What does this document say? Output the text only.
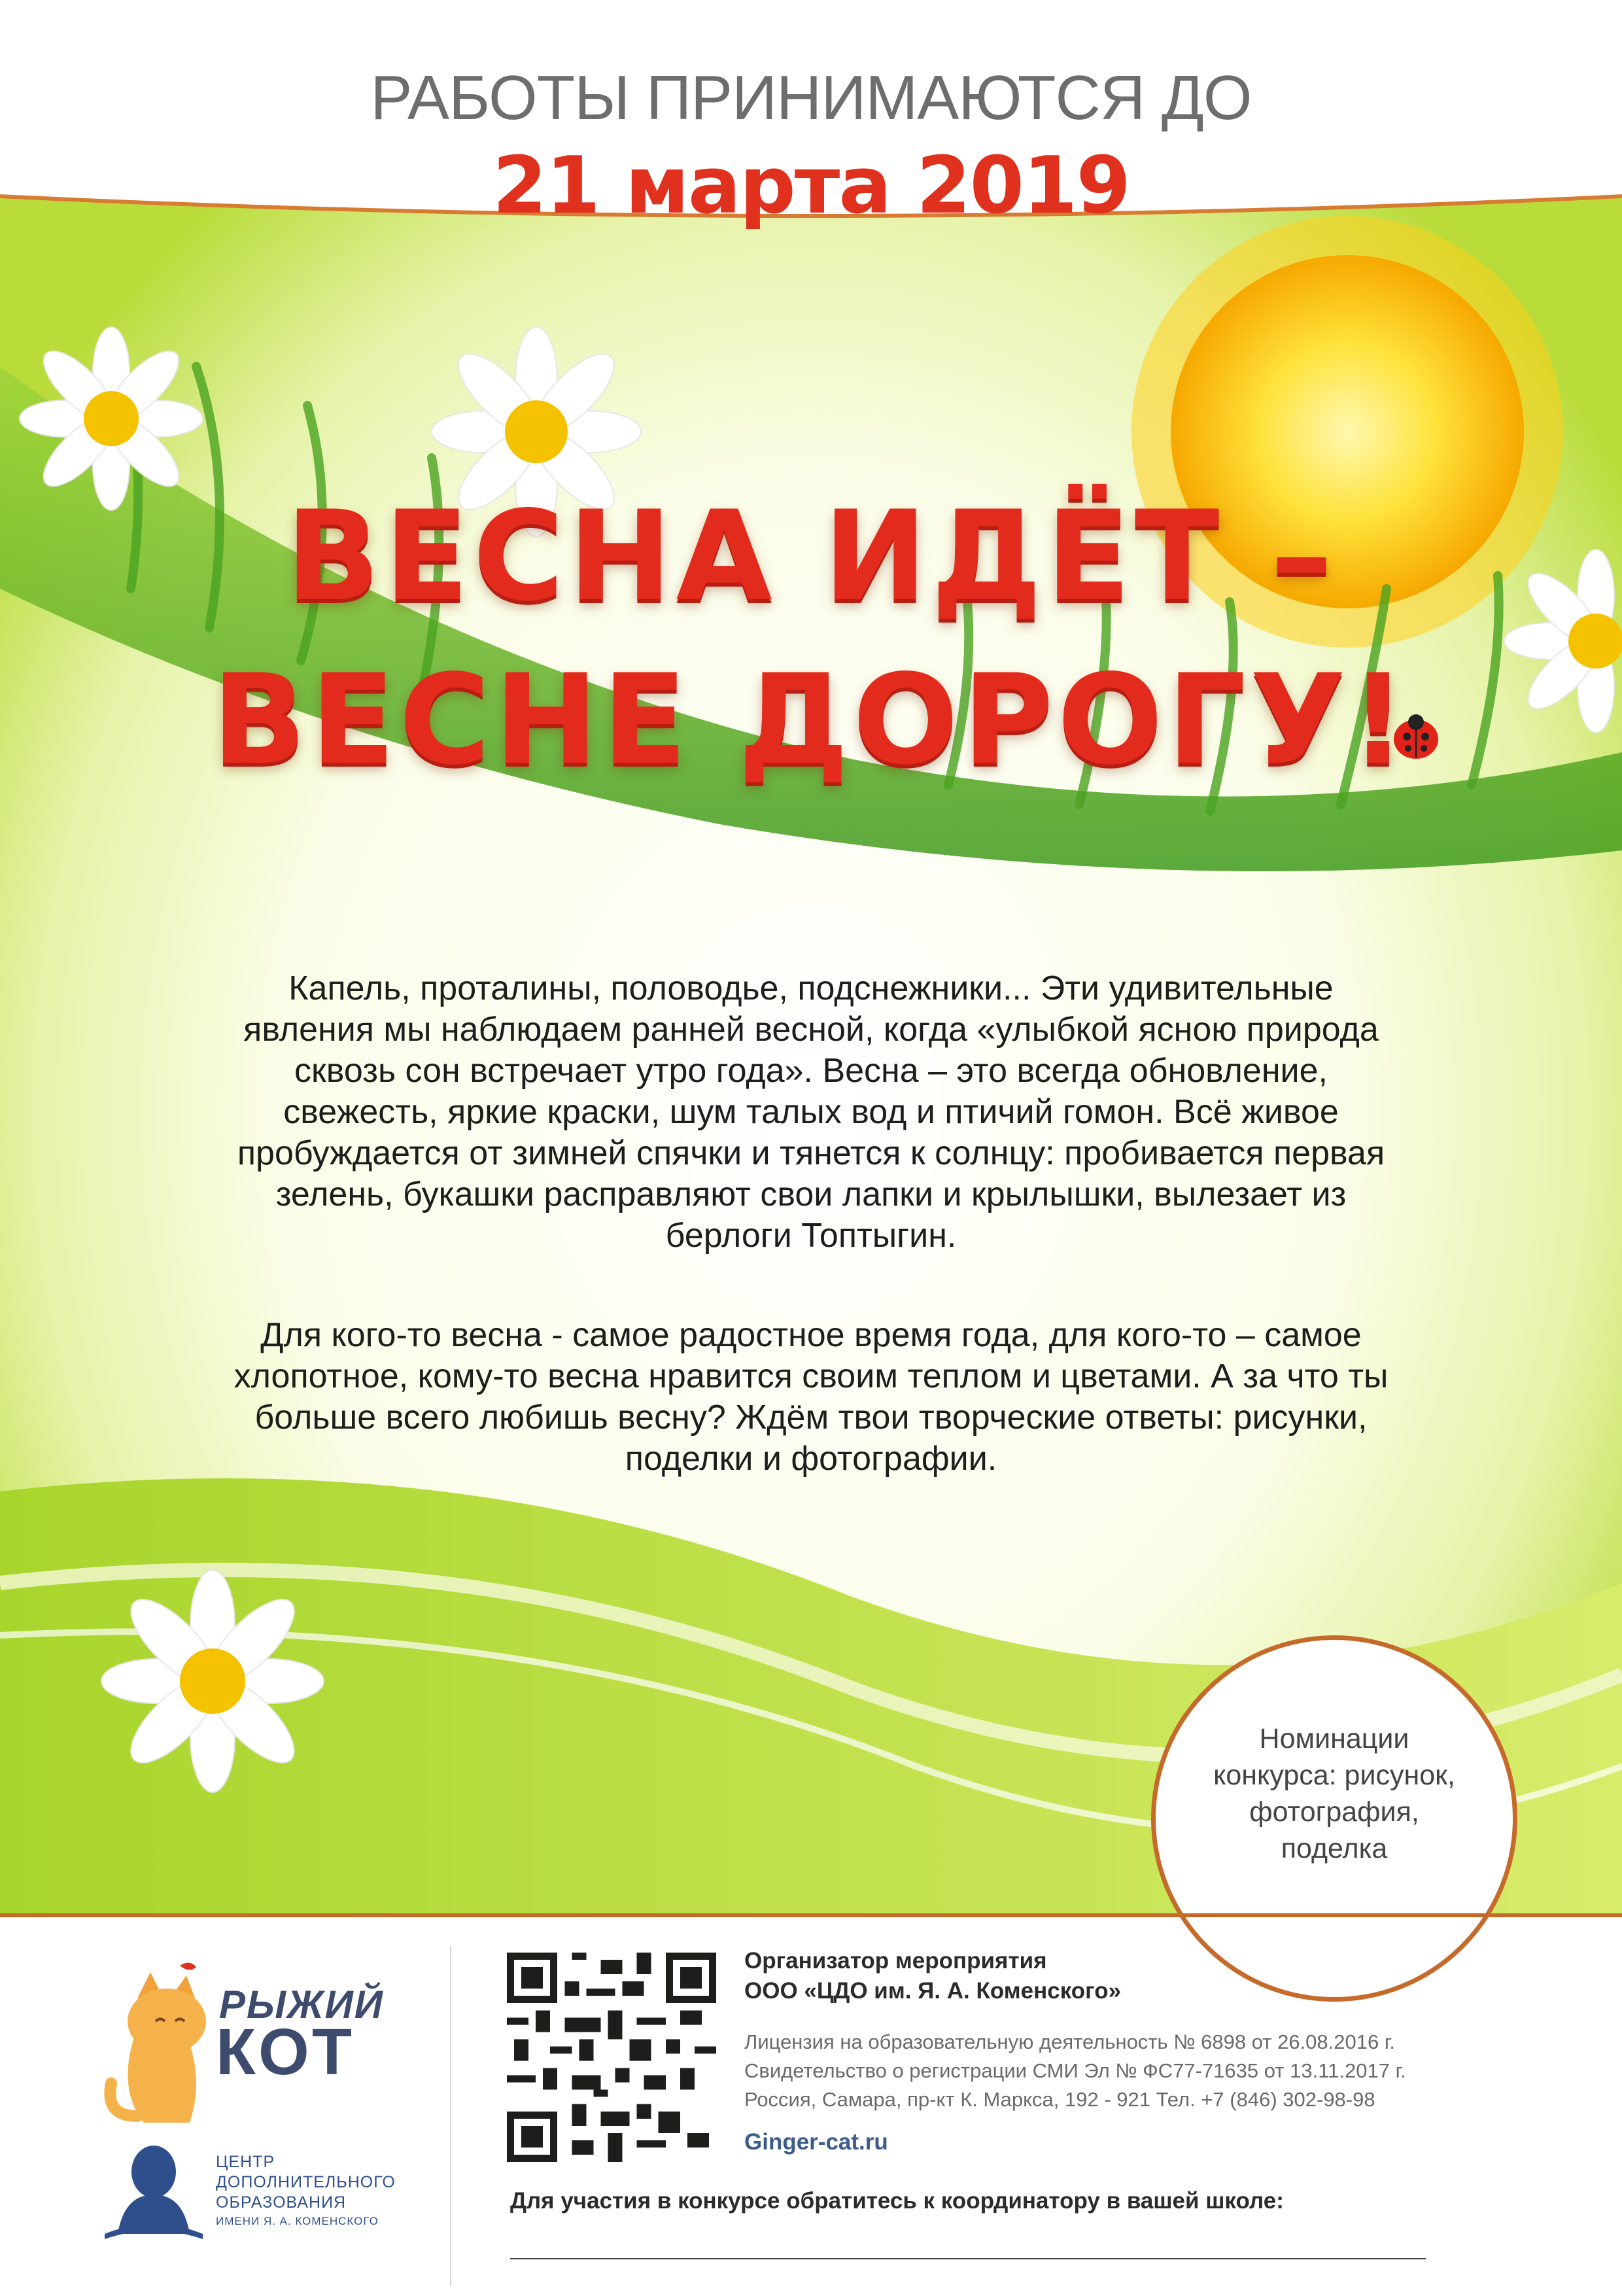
РАБОТЫ ПРИНИМАЮТСЯ ДО
21 марта 2019
ВЕСНА ИДЁТ –
ВЕСНЕ ДОРОГУ!
Капель, проталины, половодье, подснежники... Эти удивительные явления мы наблюдаем ранней весной, когда «улыбкой ясною природа сквозь сон встречает утро года». Весна – это всегда обновление, свежесть, яркие краски, шум талых вод и птичий гомон. Всё живое пробуждается от зимней спячки и тянется к солнцу: пробивается первая зелень, букашки расправляют свои лапки и крылышки, вылезает из берлоги Топтыгин.
Для кого-то весна - самое радостное время года, для кого-то – самое хлопотное, кому-то весна нравится своим теплом и цветами. А за что ты больше всего любишь весну? Ждём твои творческие ответы: рисунки, поделки и фотографии.
Номинации
конкурса: рисунок,
фотография,
поделка
РЫЖИЙ
КОТ
ЦЕНТР
ДОПОЛНИТЕЛЬНОГО
ОБРАЗОВАНИЯ
ИМЕНИ Я. А. КОМЕНСКОГО
Организатор мероприятия
ООО «ЦДО им. Я. А. Коменского»
Лицензия на образовательную деятельность № 6898 от 26.08.2016 г.
Свидетельство о регистрации СМИ Эл № ФС77-71635 от 13.11.2017 г.
Россия, Самара, пр-кт К. Маркса, 192 - 921 Тел. +7 (846) 302-98-98
Ginger-cat.ru
Для участия в конкурсе обратитесь к координатору в вашей школе:
